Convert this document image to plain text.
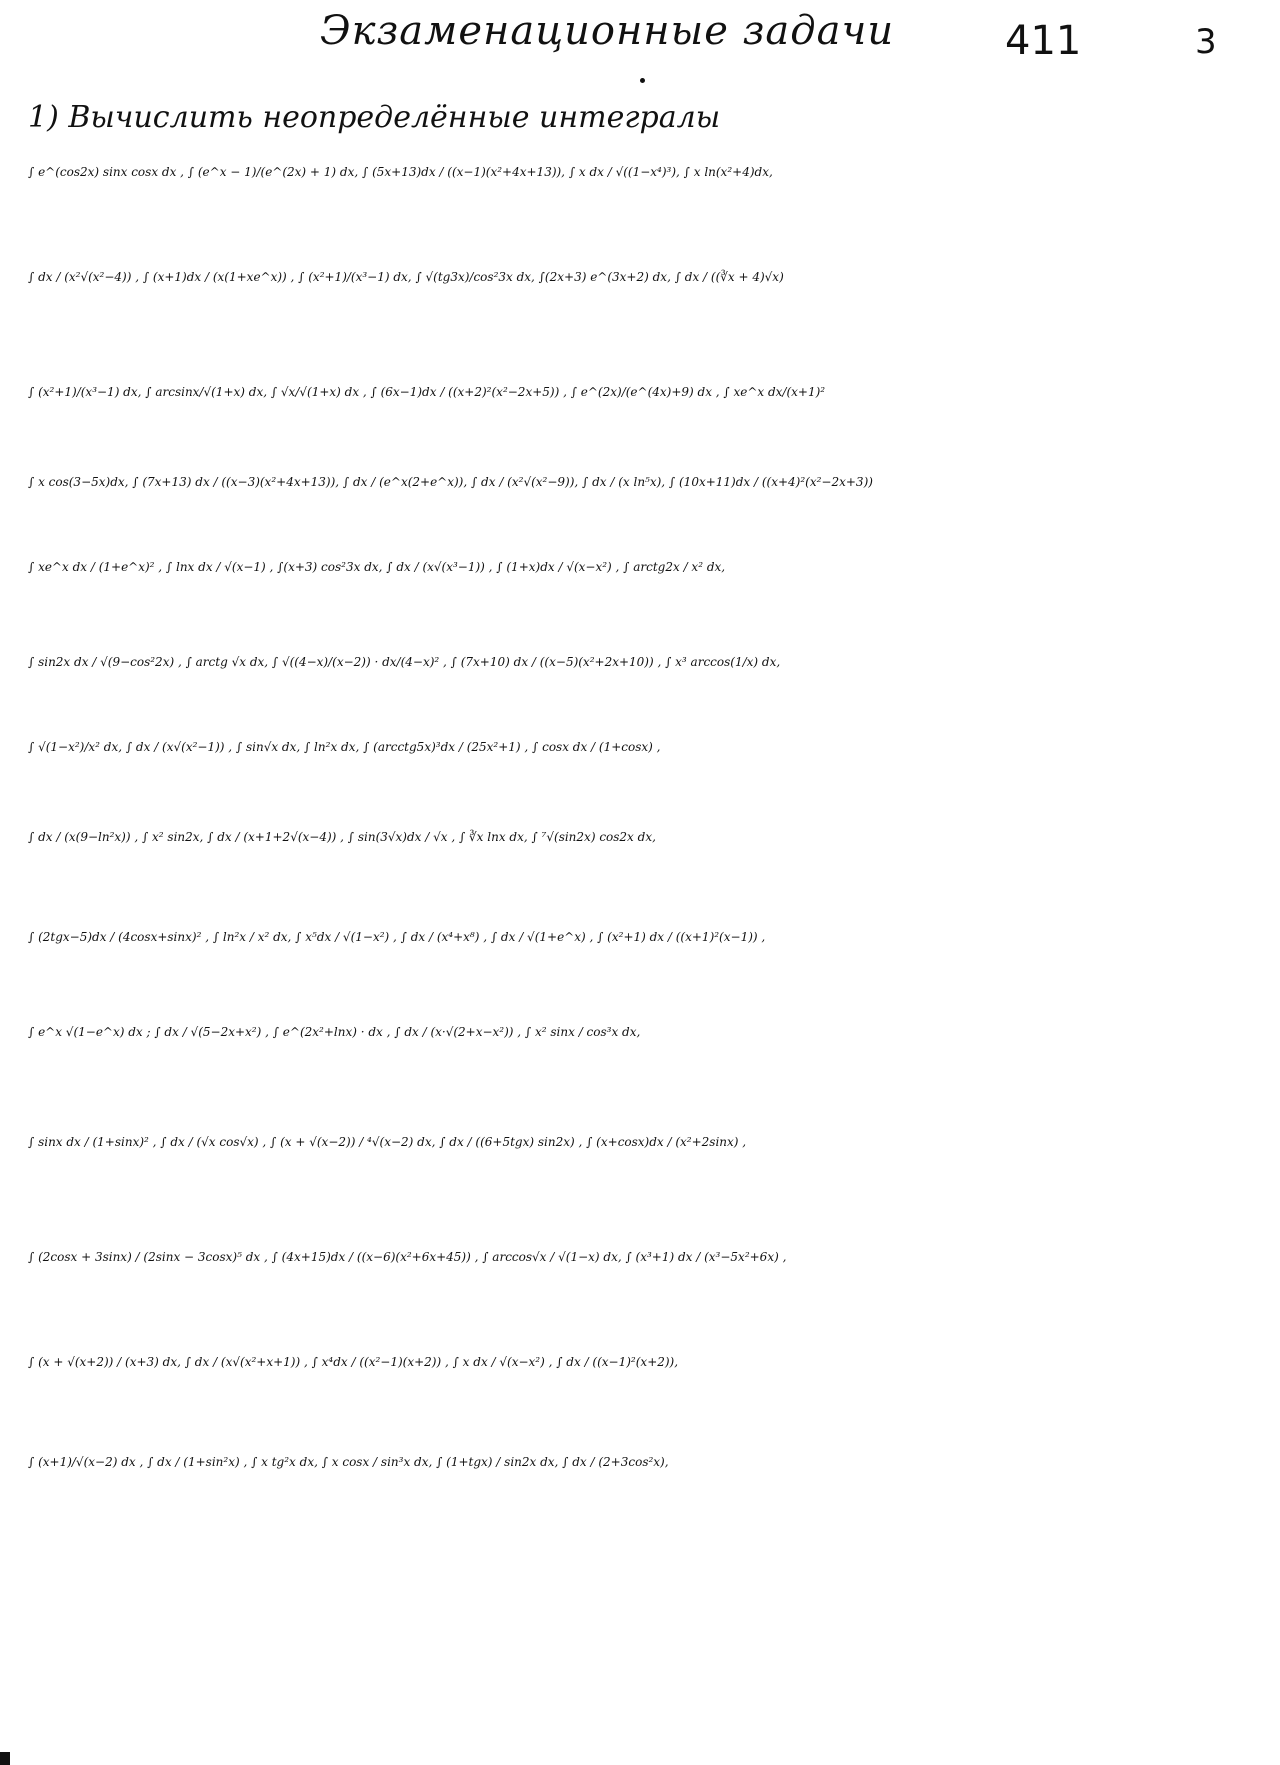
Экзаменационные задачи	411	3
1) Вычислить неопределённые интегралы
∫ e^(cos2x) sinx cosx dx , ∫ (e^x − 1)/(e^(2x) + 1) dx, ∫ (5x+13)dx / ((x−1)(x²+4x+13)), ∫ x dx / √((1−x⁴)³), ∫ x ln(x²+4)dx,
∫ dx / (x²√(x²−4)) , ∫ (x+1)dx / (x(1+xe^x)) , ∫ (x²+1)/(x³−1) dx, ∫ √(tg3x)/cos²3x dx, ∫(2x+3) e^(3x+2) dx, ∫ dx / ((∛x + 4)√x)
∫ (x²+1)/(x³−1) dx, ∫ arcsinx/√(1+x) dx, ∫ √x/√(1+x) dx , ∫ (6x−1)dx / ((x+2)²(x²−2x+5)) , ∫ e^(2x)/(e^(4x)+9) dx , ∫ xe^x dx/(x+1)²
∫ x cos(3−5x)dx, ∫ (7x+13) dx / ((x−3)(x²+4x+13)), ∫ dx / (e^x(2+e^x)), ∫ dx / (x²√(x²−9)), ∫ dx / (x ln⁵x), ∫ (10x+11)dx / ((x+4)²(x²−2x+3))
∫ xe^x dx / (1+e^x)² , ∫ lnx dx / √(x−1) , ∫(x+3) cos²3x dx, ∫ dx / (x√(x³−1)) , ∫ (1+x)dx / √(x−x²) , ∫ arctg2x / x² dx,
∫ sin2x dx / √(9−cos²2x) , ∫ arctg √x dx, ∫ √((4−x)/(x−2)) · dx/(4−x)² , ∫ (7x+10) dx / ((x−5)(x²+2x+10)) , ∫ x³ arccos(1/x) dx,
∫ √(1−x²)/x² dx, ∫ dx / (x√(x²−1)) , ∫ sin√x dx, ∫ ln²x dx, ∫ (arcctg5x)³dx / (25x²+1) , ∫ cosx dx / (1+cosx) ,
∫ dx / (x(9−ln²x)) , ∫ x² sin2x, ∫ dx / (x+1+2√(x−4)) , ∫ sin(3√x)dx / √x , ∫ ∛x lnx dx, ∫ ⁷√(sin2x) cos2x dx,
∫ (2tgx−5)dx / (4cosx+sinx)² , ∫ ln²x / x² dx, ∫ x⁵dx / √(1−x²) , ∫ dx / (x⁴+x⁸) , ∫ dx / √(1+e^x) , ∫ (x²+1) dx / ((x+1)²(x−1)) ,
∫ e^x √(1−e^x) dx ; ∫ dx / √(5−2x+x²) , ∫ e^(2x²+lnx) · dx , ∫ dx / (x·√(2+x−x²)) , ∫ x² sinx / cos³x dx,
∫ sinx dx / (1+sinx)² , ∫ dx / (√x cos√x) , ∫ (x + √(x−2)) / ⁴√(x−2) dx, ∫ dx / ((6+5tgx) sin2x) , ∫ (x+cosx)dx / (x²+2sinx) ,
∫ (2cosx + 3sinx) / (2sinx − 3cosx)⁵ dx , ∫ (4x+15)dx / ((x−6)(x²+6x+45)) , ∫ arccos√x / √(1−x) dx, ∫ (x³+1) dx / (x³−5x²+6x) ,
∫ (x + √(x+2)) / (x+3) dx, ∫ dx / (x√(x²+x+1)) , ∫ x⁴dx / ((x²−1)(x+2)) , ∫ x dx / √(x−x²) , ∫ dx / ((x−1)²(x+2)),
∫ (x+1)/√(x−2) dx , ∫ dx / (1+sin²x) , ∫ x tg²x dx, ∫ x cosx / sin³x dx, ∫ (1+tgx) / sin2x dx, ∫ dx / (2+3cos²x),
